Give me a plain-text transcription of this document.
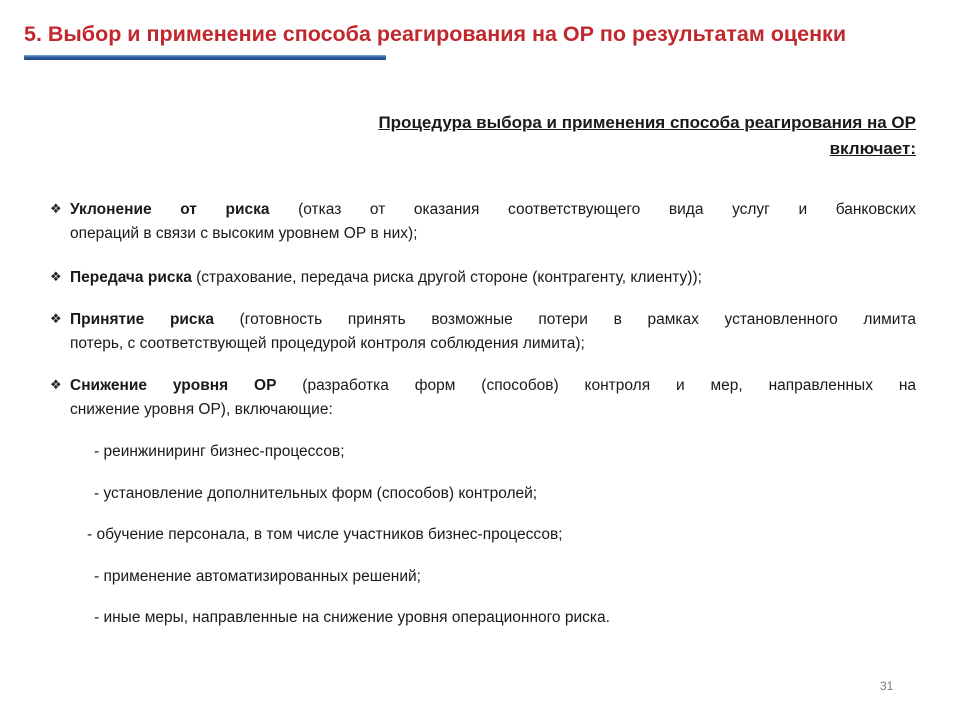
5. Выбор и применение способа реагирования на ОР по результатам оценки
Процедура выбора и применения способа реагирования на ОР
включает:
❖ Уклонение от риска (отказ от оказания соответствующего вида услуг и банковских
операций в связи с высоким уровнем ОР в них);
❖ Передача риска (страхование, передача риска другой стороне (контрагенту, клиенту));
❖ Принятие риска (готовность принять возможные потери в рамках установленного лимита
потерь, с соответствующей процедурой контроля соблюдения лимита);
❖ Снижение уровня ОР (разработка форм (способов) контроля и мер, направленных на
снижение уровня ОР), включающие:
- реинжиниринг бизнес-процессов;
- установление дополнительных форм (способов) контролей;
- обучение персонала, в том числе участников бизнес-процессов;
- применение автоматизированных решений;
- иные меры, направленные на снижение уровня операционного риска.
31
